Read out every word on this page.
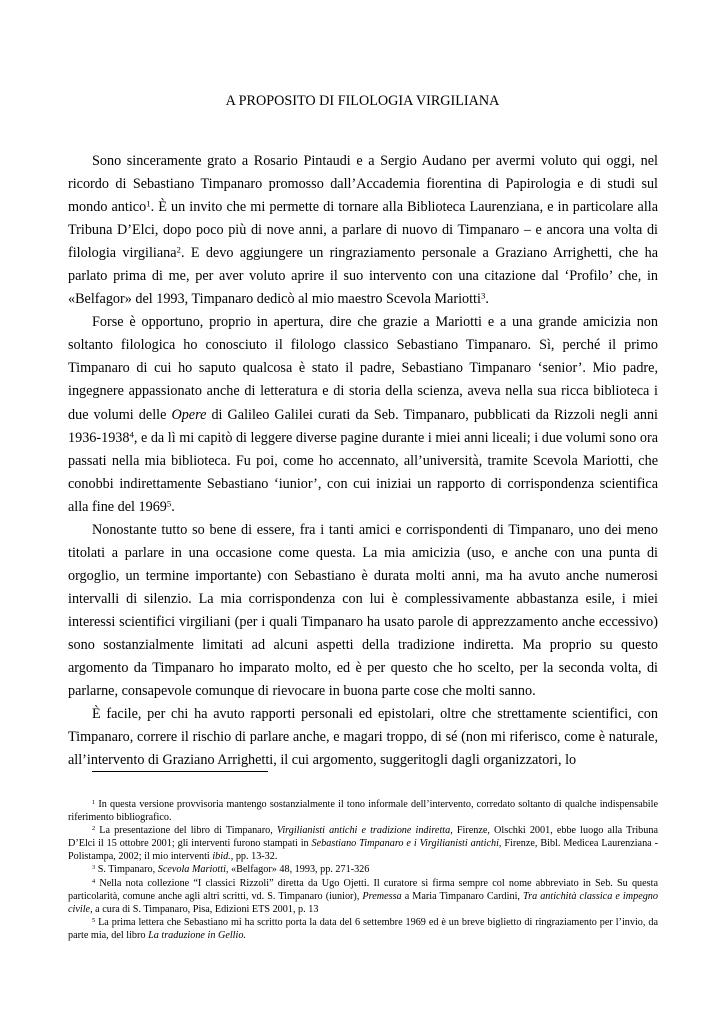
A PROPOSITO DI FILOLOGIA VIRGILIANA

Sono sinceramente grato a Rosario Pintaudi e a Sergio Audano per avermi voluto qui oggi, nel ricordo di Sebastiano Timpanaro promosso dall’Accademia fiorentina di Papirologia e di studi sul mondo antico$^1$. È un invito che mi permette di tornare alla Biblioteca Laurenziana, e in particolare alla Tribuna D’Elci, dopo poco più di nove anni, a parlare di nuovo di Timpanaro – e ancora una volta di filologia virgiliana$^2$. E devo aggiungere un ringraziamento personale a Graziano Arrighetti, che ha parlato prima di me, per aver voluto aprire il suo intervento con una citazione dal ‘Profilo’ che, in «Belfagor» del 1993, Timpanaro dedicò al mio maestro Scevola Mariotti$^3$.

Forse è opportuno, proprio in apertura, dire che grazie a Mariotti e a una grande amicizia non soltanto filologica ho conosciuto il filologo classico Sebastiano Timpanaro. Sì, perché il primo Timpanaro di cui ho saputo qualcosa è stato il padre, Sebastiano Timpanaro ‘senior’. Mio padre, ingegnere appassionato anche di letteratura e di storia della scienza, aveva nella sua ricca biblioteca i due volumi delle Opere di Galileo Galilei curati da Seb. Timpanaro, pubblicati da Rizzoli negli anni 1936-1938$^4$, e da lì mi capitò di leggere diverse pagine durante i miei anni liceali; i due volumi sono ora passati nella mia biblioteca. Fu poi, come ho accennato, all’università, tramite Scevola Mariotti, che conobbi indirettamente Sebastiano ‘iunior’, con cui iniziai un rapporto di corrispondenza scientifica alla fine del 1969$^5$.

Nonostante tutto so bene di essere, fra i tanti amici e corrispondenti di Timpanaro, uno dei meno titolati a parlare in una occasione come questa. La mia amicizia (uso, e anche con una punta di orgoglio, un termine importante) con Sebastiano è durata molti anni, ma ha avuto anche numerosi intervalli di silenzio. La mia corrispondenza con lui è complessivamente abbastanza esile, i miei interessi scientifici virgiliani (per i quali Timpanaro ha usato parole di apprezzamento anche eccessivo) sono sostanzialmente limitati ad alcuni aspetti della tradizione indiretta. Ma proprio su questo argomento da Timpanaro ho imparato molto, ed è per questo che ho scelto, per la seconda volta, di parlarne, consapevole comunque di rievocare in buona parte cose che molti sanno.

È facile, per chi ha avuto rapporti personali ed epistolari, oltre che strettamente scientifici, con Timpanaro, correre il rischio di parlare anche, e magari troppo, di sé (non mi riferisco, come è naturale, all’intervento di Graziano Arrighetti, il cui argomento, suggeritogli dagli organizzatori, lo

$^1$ In questa versione provvisoria mantengo sostanzialmente il tono informale dell’intervento, corredato soltanto di qualche indispensabile riferimento bibliografico.

$^2$ La presentazione del libro di Timpanaro, Virgilianisti antichi e tradizione indiretta, Firenze, Olschki 2001, ebbe luogo alla Tribuna D’Elci il 15 ottobre 2001; gli interventi furono stampati in Sebastiano Timpanaro e i Virgilianisti antichi, Firenze, Bibl. Medicea Laurenziana - Polistampa, 2002; il mio interventi ibid., pp. 13-32.

$^3$ S. Timpanaro, Scevola Mariotti, «Belfagor» 48, 1993, pp. 271-326

$^4$ Nella nota collezione “I classici Rizzoli” diretta da Ugo Ojetti. Il curatore si firma sempre col nome abbreviato in Seb. Su questa particolarità, comune anche agli altri scritti, vd. S. Timpanaro (iunior), Premessa a Maria Timpanaro Cardini, Tra antichità classica e impegno civile, a cura di S. Timpanaro, Pisa, Edizioni ETS 2001, p. 13

$^5$ La prima lettera che Sebastiano mi ha scritto porta la data del 6 settembre 1969 ed è un breve biglietto di ringraziamento per l’invio, da parte mia, del libro La traduzione in Gellio.
